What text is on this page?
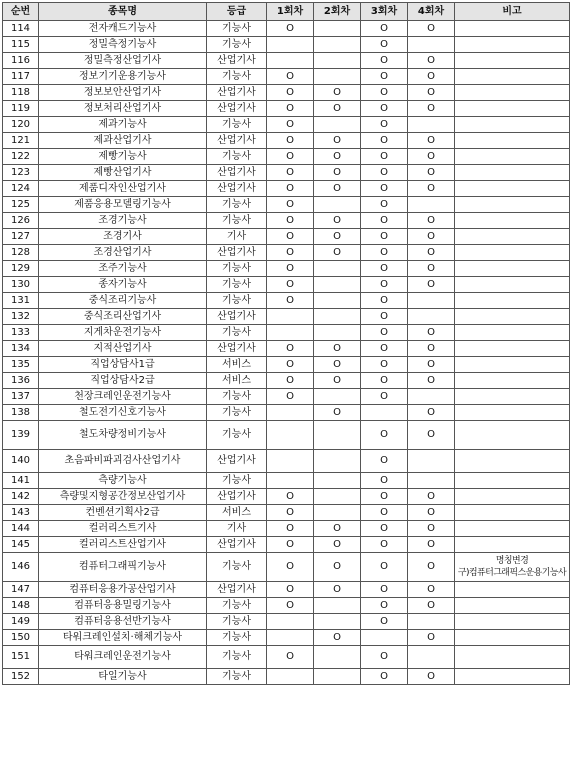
순번	종목명	등급	1회차	2회차	3회차	4회차	비고
114	전자캐드기능사	기능사	O		O	O	
115	정밀측정기능사	기능사			O		
116	정밀측정산업기사	산업기사			O	O	
117	정보기기운용기능사	기능사	O		O	O	
118	정보보안산업기사	산업기사	O	O	O	O	
119	정보처리산업기사	산업기사	O	O	O	O	
120	제과기능사	기능사	O		O		
121	제과산업기사	산업기사	O	O	O	O	
122	제빵기능사	기능사	O	O	O	O	
123	제빵산업기사	산업기사	O	O	O	O	
124	제품디자인산업기사	산업기사	O	O	O	O	
125	제품응용모델링기능사	기능사	O		O		
126	조경기능사	기능사	O	O	O	O	
127	조경기사	기사	O	O	O	O	
128	조경산업기사	산업기사	O	O	O	O	
129	조주기능사	기능사	O		O	O	
130	종자기능사	기능사	O		O	O	
131	중식조리기능사	기능사	O		O		
132	중식조리산업기사	산업기사			O		
133	지게차운전기능사	기능사			O	O	
134	지적산업기사	산업기사	O	O	O	O	
135	직업상담사1급	서비스	O	O	O	O	
136	직업상담사2급	서비스	O	O	O	O	
137	천장크레인운전기능사	기능사	O		O		
138	철도전기신호기능사	기능사		O		O	
139	철도차량정비기능사	기능사			O	O	
140	초음파비파괴검사산업기사	산업기사			O		
141	측량기능사	기능사			O		
142	측량및지형공간정보산업기사	산업기사	O		O	O	
143	컨벤션기획사2급	서비스	O		O	O	
144	컬러리스트기사	기사	O	O	O	O	
145	컬러리스트산업기사	산업기사	O	O	O	O	
146	컴퓨터그래픽기능사	기능사	O	O	O	O	명칭변경
구)컴퓨터그래픽스운용기능사

147	컴퓨터응용가공산업기사	산업기사	O	O	O	O	
148	컴퓨터응용밀링기능사	기능사	O		O	O	
149	컴퓨터응용선반기능사	기능사			O		
150	타워크레인설치·해체기능사	기능사		O		O	
151	타워크레인운전기능사	기능사	O		O		
152	타일기능사	기능사			O	O	
